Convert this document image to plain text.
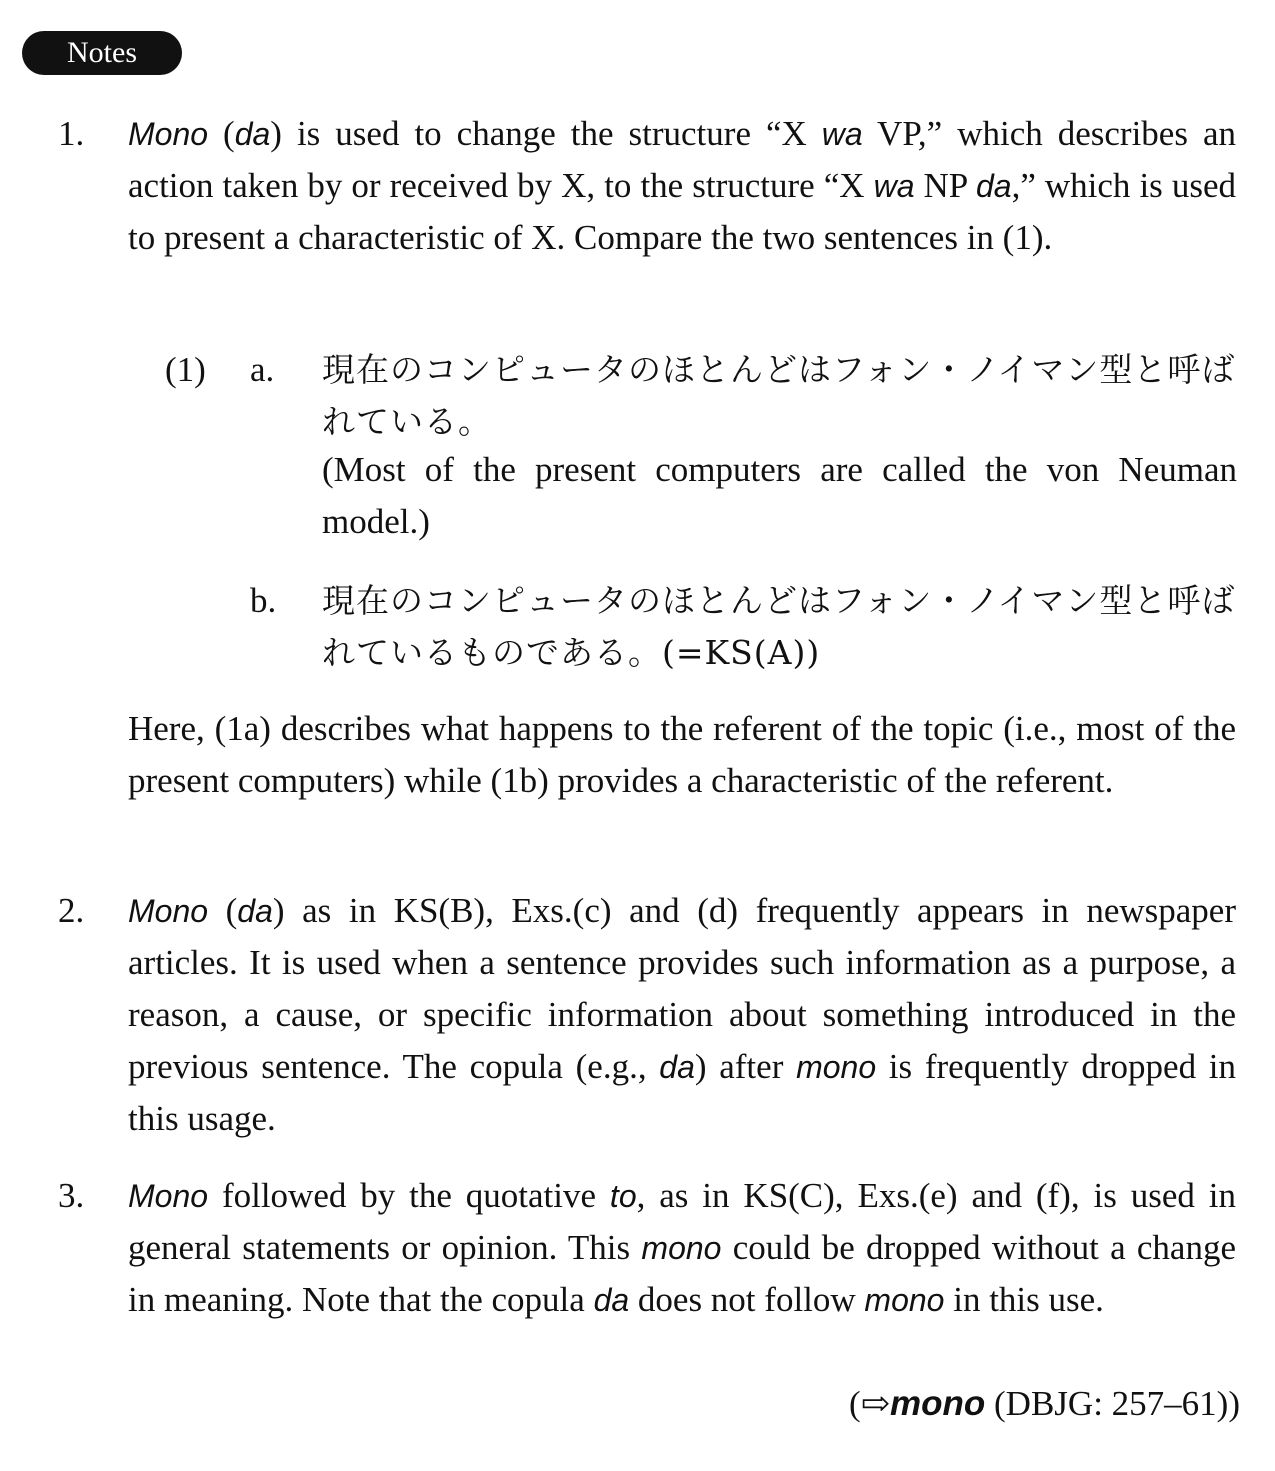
Notes
1. Mono (da) is used to change the structure “X wa VP,” which describes an action taken by or received by X, to the structure “X wa NP da,” which is used to present a characteristic of X. Compare the two sentences in (1).

(1) a. 現在のコンピュータのほとんどはフォン・ノイマン型と呼ばれている。

(Most of the present computers are called the von Neuman model.)

b. 現在のコンピュータのほとんどはフォン・ノイマン型と呼ばれているものである。(=KS(A))

Here, (1a) describes what happens to the referent of the topic (i.e., most of the present computers) while (1b) provides a characteristic of the referent.

2. Mono (da) as in KS(B), Exs.(c) and (d) frequently appears in newspaper articles. It is used when a sentence provides such information as a purpose, a reason, a cause, or specific information about something introduced in the previous sentence. The copula (e.g., da) after mono is frequently dropped in this usage.

3. Mono followed by the quotative to, as in KS(C), Exs.(e) and (f), is used in general statements or opinion. This mono could be dropped without a change in meaning. Note that the copula da does not follow mono in this use.

(⇨mono (DBJG: 257–61))
